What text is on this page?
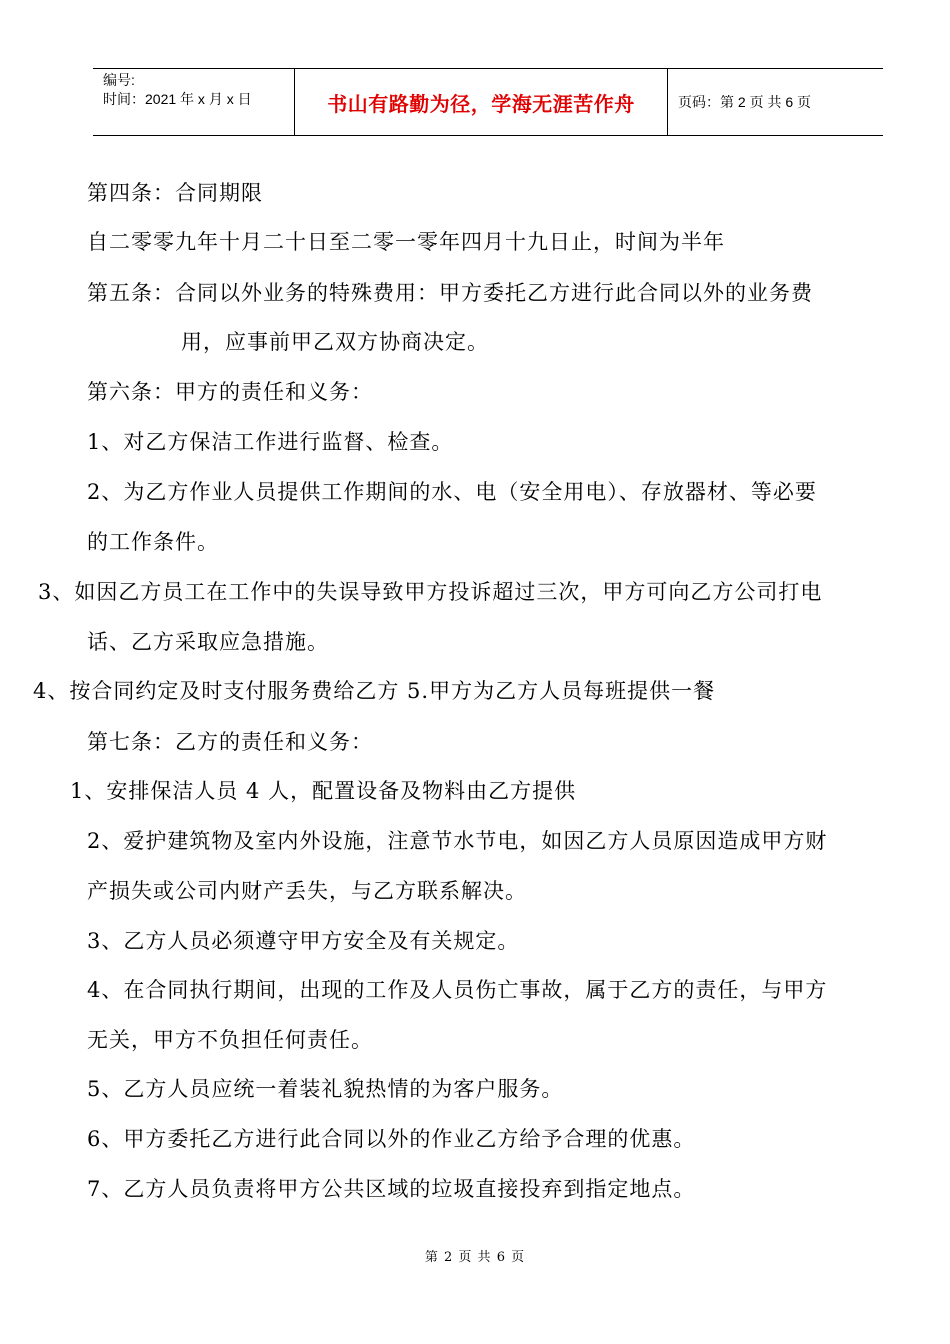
编号:
时间：2021 年 x 月 x 日	书山有路勤为径，学海无涯苦作舟	页码：第 2 页 共 6 页
第四条：合同期限
自二零零九年十月二十日至二零一零年四月十九日止，时间为半年
第五条：合同以外业务的特殊费用：甲方委托乙方进行此合同以外的业务费
用，应事前甲乙双方协商决定。
第六条：甲方的责任和义务：
1、对乙方保洁工作进行监督、检查。
2、为乙方作业人员提供工作期间的水、电（安全用电）、存放器材、等必要
的工作条件。
3、如因乙方员工在工作中的失误导致甲方投诉超过三次，甲方可向乙方公司打电
话、乙方采取应急措施。
4、按合同约定及时支付服务费给乙方 5.甲方为乙方人员每班提供一餐
第七条：乙方的责任和义务：
1、安排保洁人员 4 人，配置设备及物料由乙方提供
2、爱护建筑物及室内外设施，注意节水节电，如因乙方人员原因造成甲方财
产损失或公司内财产丢失，与乙方联系解决。
3、乙方人员必须遵守甲方安全及有关规定。
4、在合同执行期间，出现的工作及人员伤亡事故，属于乙方的责任，与甲方
无关，甲方不负担任何责任。
5、乙方人员应统一着装礼貌热情的为客户服务。
6、甲方委托乙方进行此合同以外的作业乙方给予合理的优惠。
7、乙方人员负责将甲方公共区域的垃圾直接投弃到指定地点。
第 2 页 共 6 页
